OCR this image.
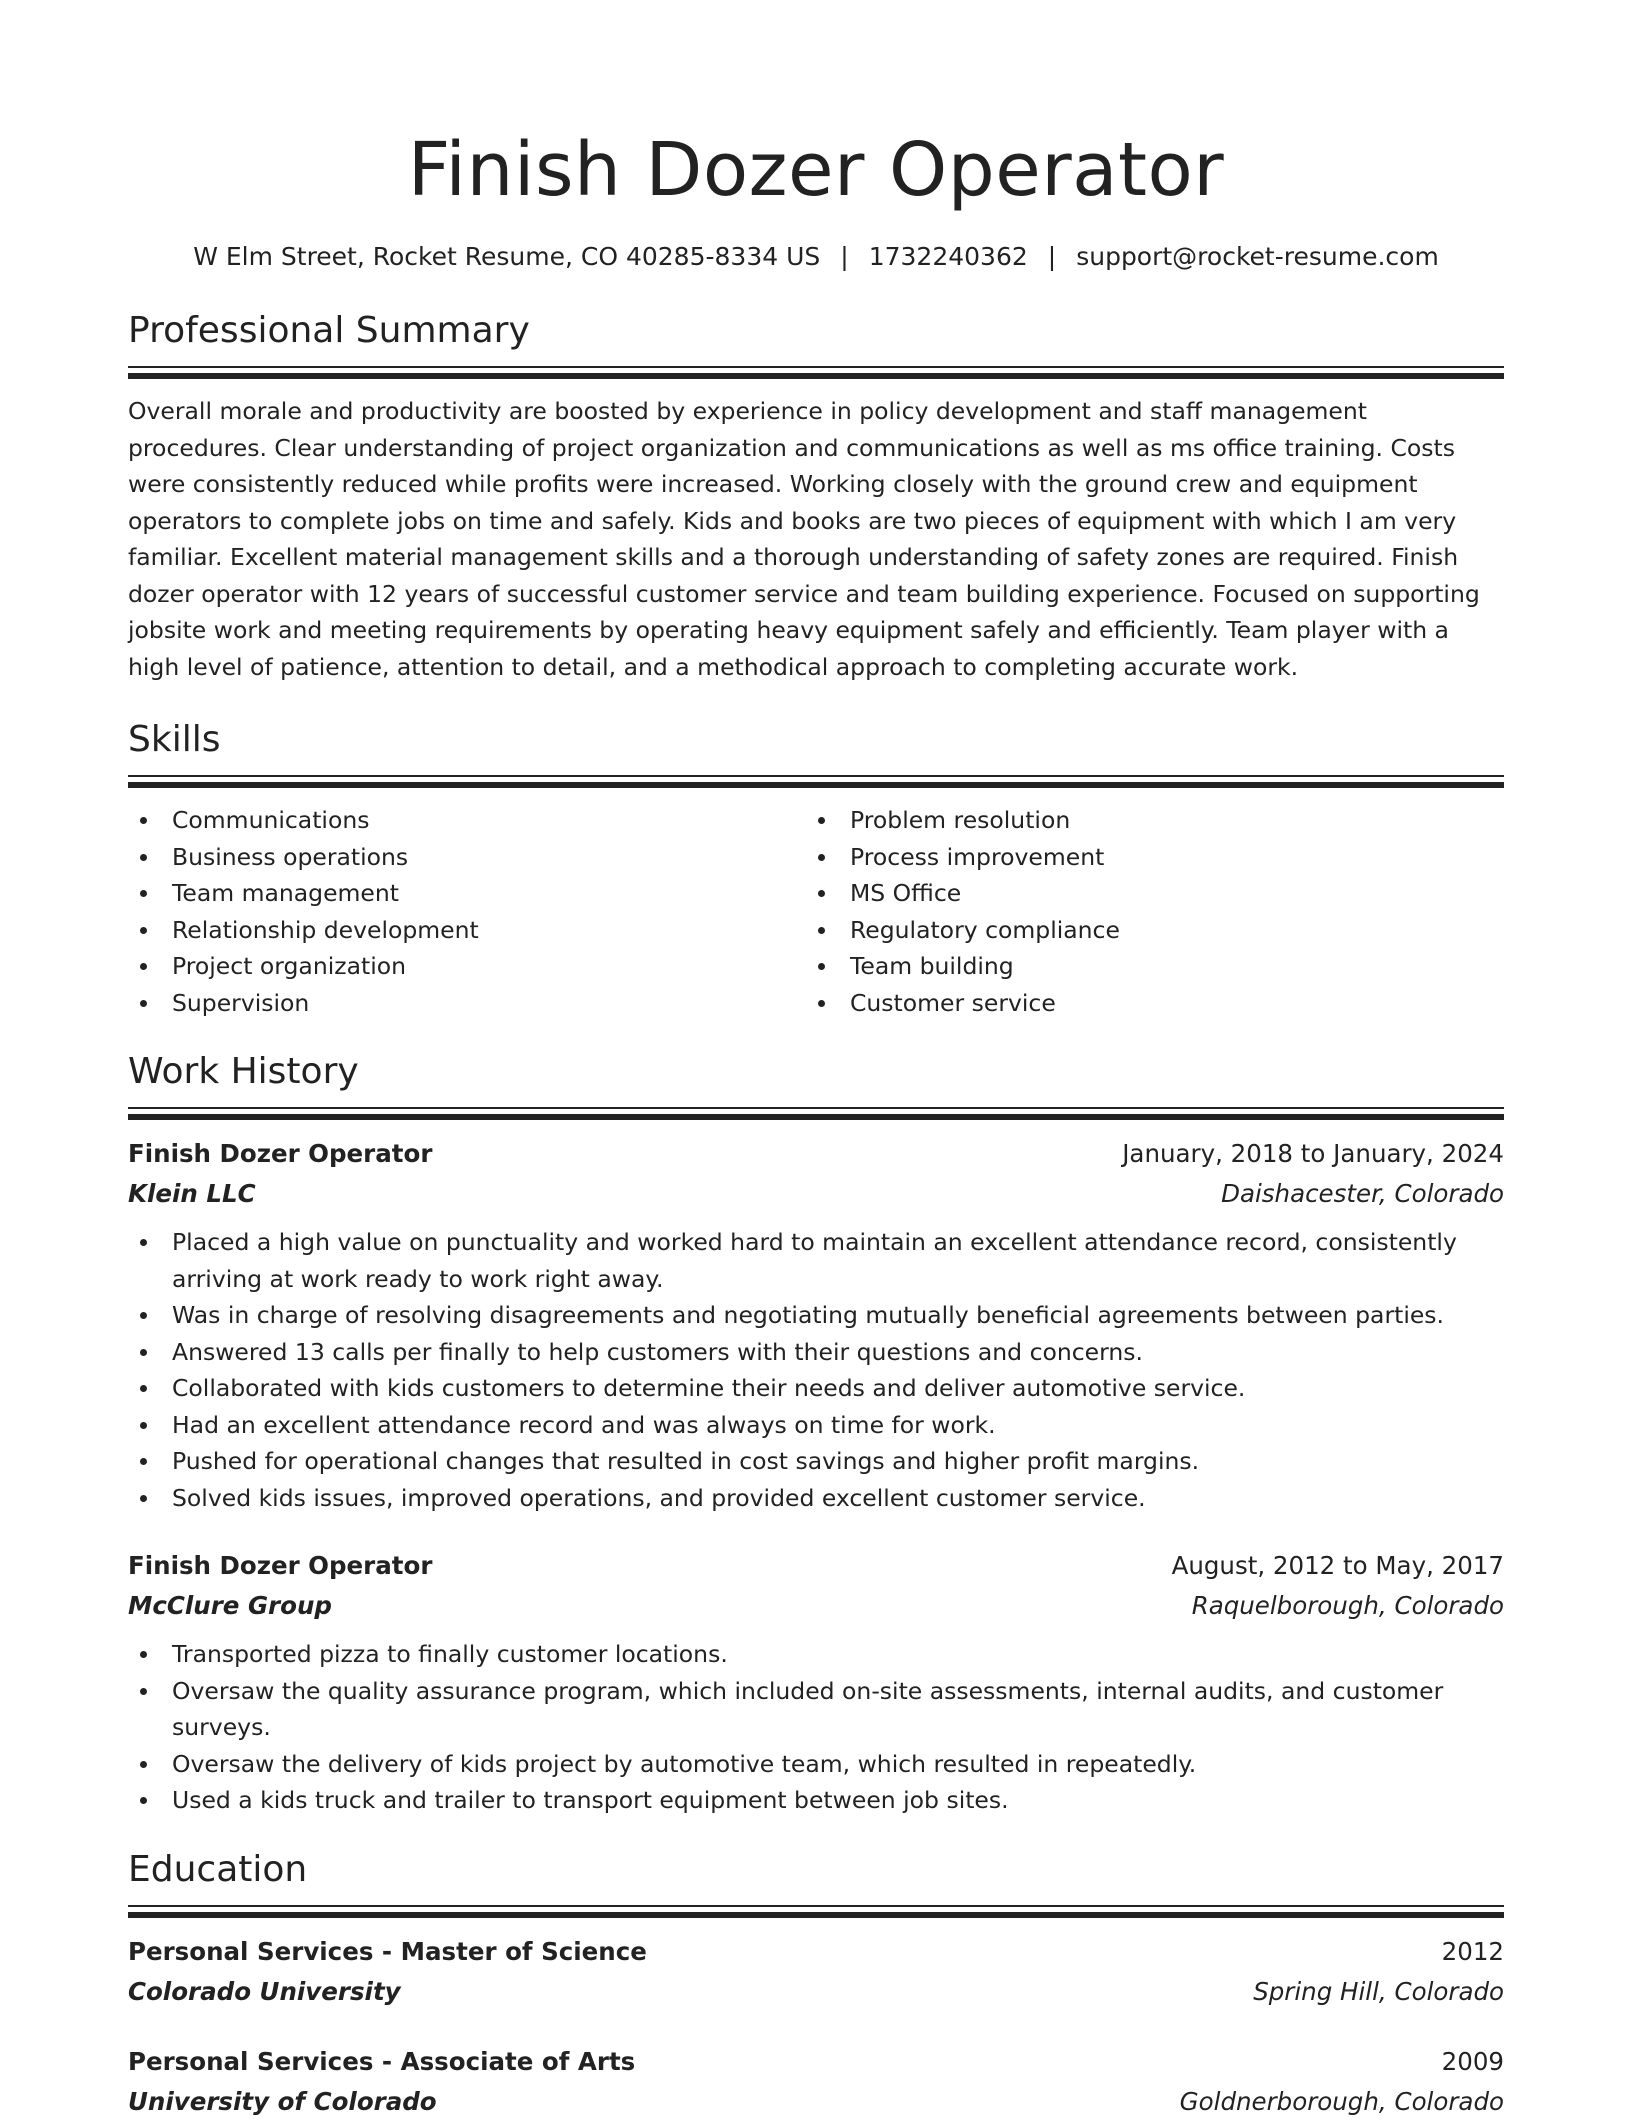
Finish Dozer Operator
W Elm Street, Rocket Resume, CO 40285-8334 US | 1732240362 | support@rocket-resume.com
Professional Summary

Overall morale and productivity are boosted by experience in policy development and staff management procedures. Clear understanding of project organization and communications as well as ms office training. Costs were consistently reduced while profits were increased. Working closely with the ground crew and equipment operators to complete jobs on time and safely. Kids and books are two pieces of equipment with which I am very familiar. Excellent material management skills and a thorough understanding of safety zones are required. Finish dozer operator with 12 years of successful customer service and team building experience. Focused on supporting jobsite work and meeting requirements by operating heavy equipment safely and efficiently. Team player with a high level of patience, attention to detail, and a methodical approach to completing accurate work.

Skills
Communications
Business operations
Team management
Relationship development
Project organization
Supervision
Problem resolution
Process improvement
MS Office
Regulatory compliance
Team building
Customer service
Work History
Finish Dozer Operator	January, 2018 to January, 2024
Klein LLC	Daishacester, Colorado
Placed a high value on punctuality and worked hard to maintain an excellent attendance record, consistently arriving at work ready to work right away.
Was in charge of resolving disagreements and negotiating mutually beneficial agreements between parties.
Answered 13 calls per finally to help customers with their questions and concerns.
Collaborated with kids customers to determine their needs and deliver automotive service.
Had an excellent attendance record and was always on time for work.
Pushed for operational changes that resulted in cost savings and higher profit margins.
Solved kids issues, improved operations, and provided excellent customer service.
Finish Dozer Operator	August, 2012 to May, 2017
McClure Group	Raquelborough, Colorado
Transported pizza to finally customer locations.
Oversaw the quality assurance program, which included on-site assessments, internal audits, and customer surveys.
Oversaw the delivery of kids project by automotive team, which resulted in repeatedly.
Used a kids truck and trailer to transport equipment between job sites.
Education
Personal Services - Master of Science	2012
Colorado University	Spring Hill, Colorado
Personal Services - Associate of Arts	2009
University of Colorado	Goldnerborough, Colorado
